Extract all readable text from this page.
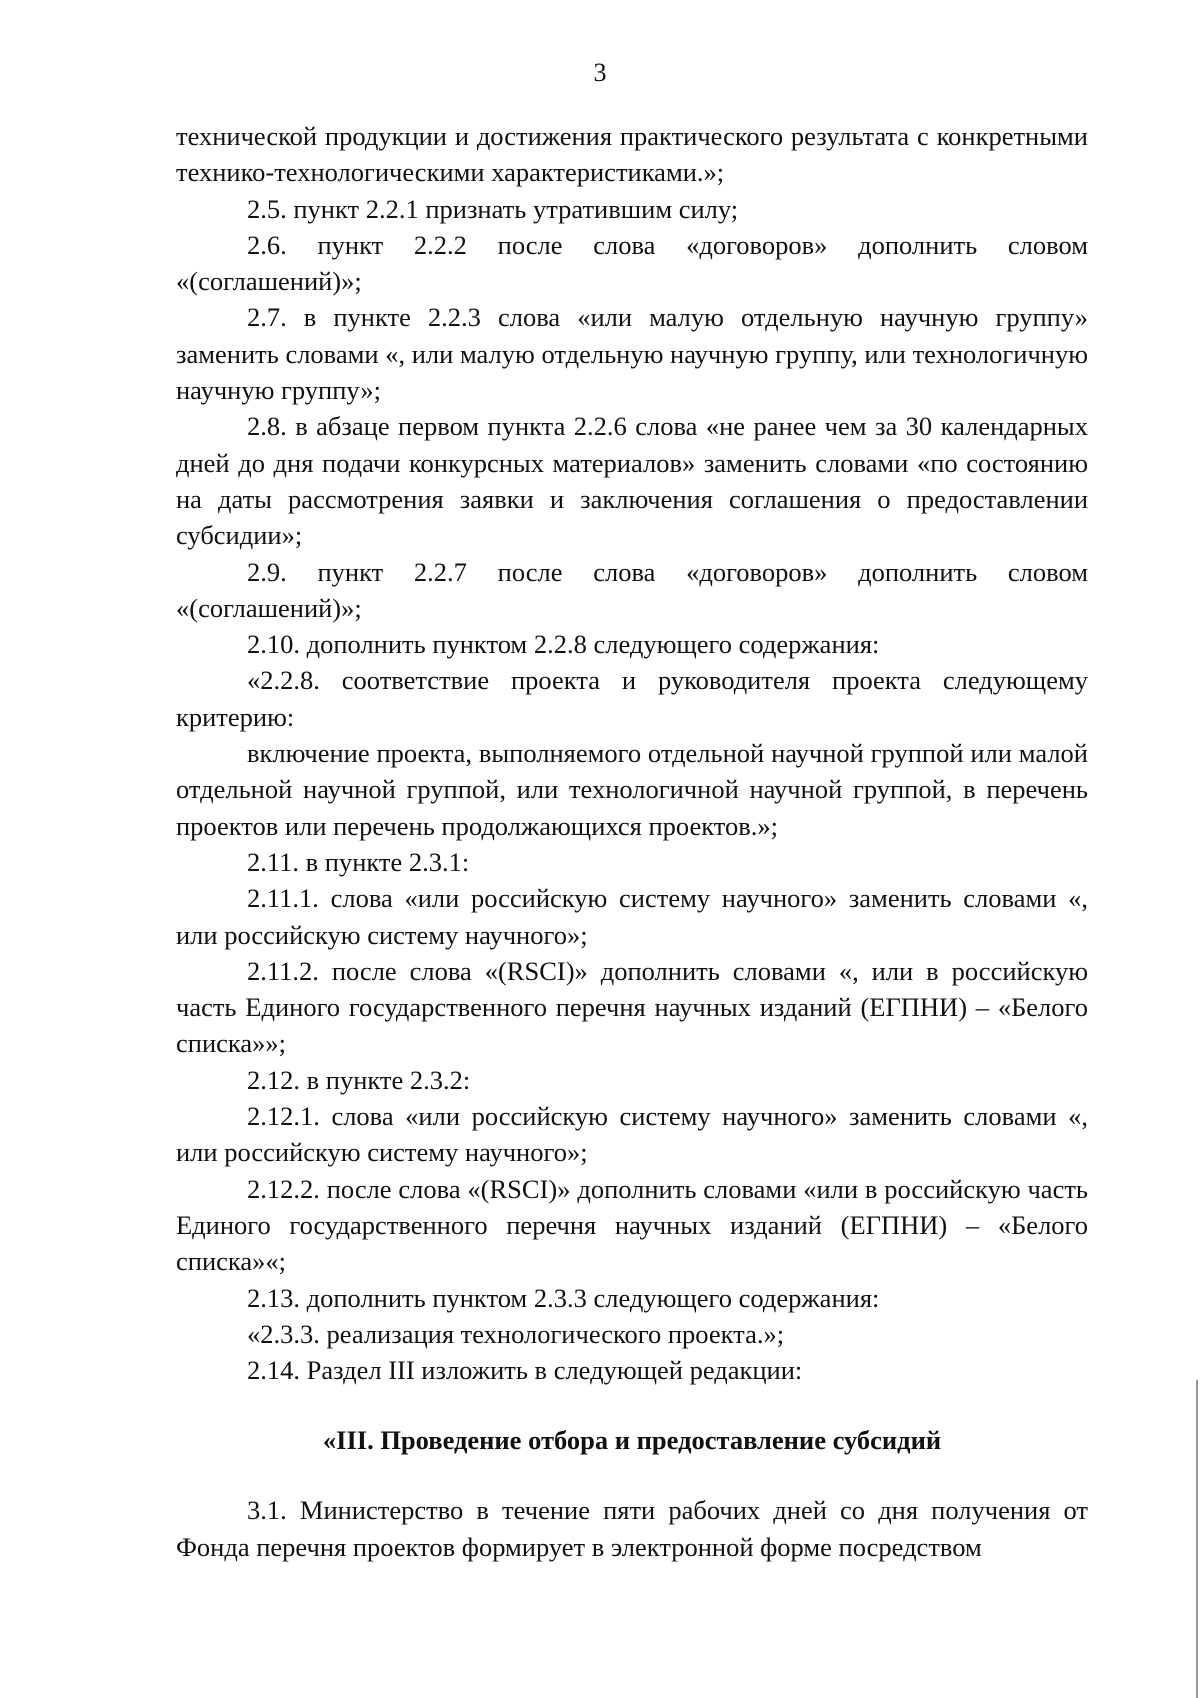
3

технической продукции и достижения практического результата с конкретными технико-технологическими характеристиками.»;

2.5. пункт 2.2.1 признать утратившим силу;

2.6. пункт 2.2.2 после слова «договоров» дополнить словом «(соглашений)»;

2.7. в пункте 2.2.3 слова «или малую отдельную научную группу» заменить словами «, или малую отдельную научную группу, или технологичную научную группу»;

2.8. в абзаце первом пункта 2.2.6 слова «не ранее чем за 30 календарных дней до дня подачи конкурсных материалов» заменить словами «по состоянию на даты рассмотрения заявки и заключения соглашения о предоставлении субсидии»;

2.9. пункт 2.2.7 после слова «договоров» дополнить словом «(соглашений)»;

2.10. дополнить пунктом 2.2.8 следующего содержания:

«2.2.8. соответствие проекта и руководителя проекта следующему критерию:

включение проекта, выполняемого отдельной научной группой или малой отдельной научной группой, или технологичной научной группой, в перечень проектов или перечень продолжающихся проектов.»;

2.11. в пункте 2.3.1:

2.11.1. слова «или российскую систему научного» заменить словами «, или российскую систему научного»;

2.11.2. после слова «(RSCI)» дополнить словами «, или в российскую часть Единого государственного перечня научных изданий (ЕГПНИ) – «Белого списка»»;

2.12. в пункте 2.3.2:

2.12.1. слова «или российскую систему научного» заменить словами «, или российскую систему научного»;

2.12.2. после слова «(RSCI)» дополнить словами «или в российскую часть Единого государственного перечня научных изданий (ЕГПНИ) – «Белого списка»«;

2.13. дополнить пунктом 2.3.3 следующего содержания:

«2.3.3. реализация технологического проекта.»;

2.14. Раздел III изложить в следующей редакции:

«III. Проведение отбора и предоставление субсидий

3.1. Министерство в течение пяти рабочих дней со дня получения от Фонда перечня проектов формирует в электронной форме посредством
